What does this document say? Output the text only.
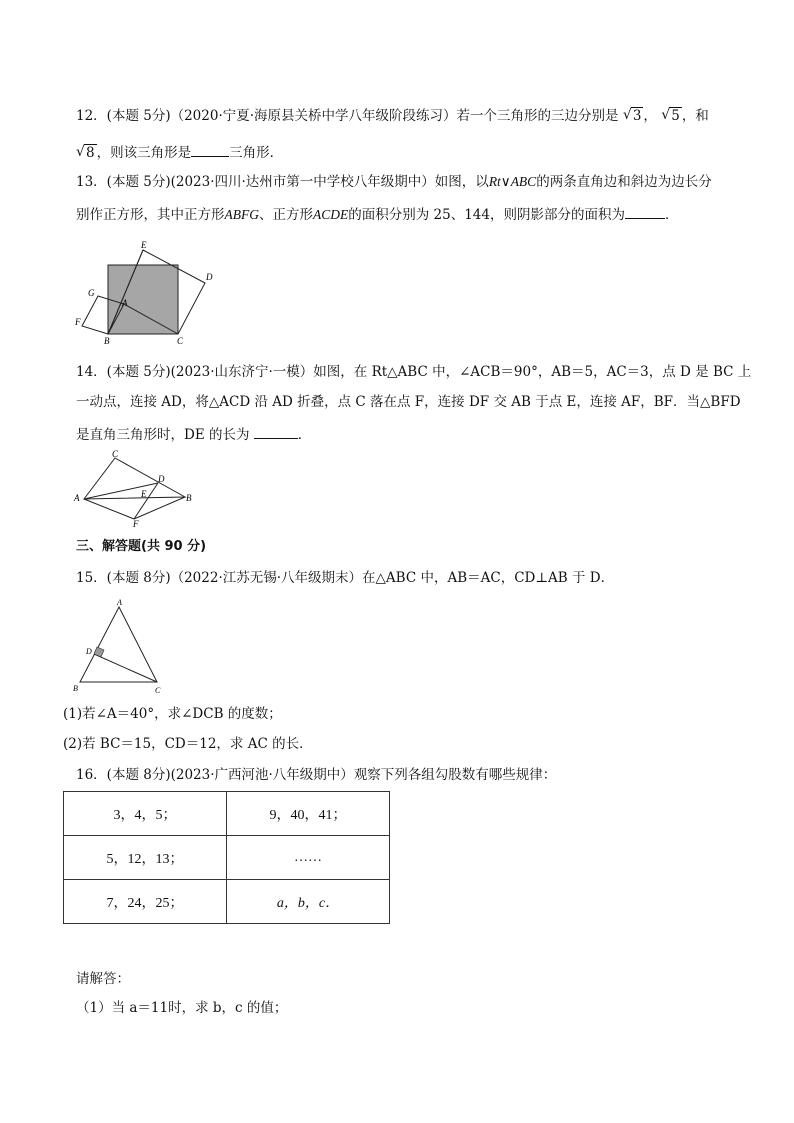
12．(本题 5分)（2020·宁夏·海原县关桥中学八年级阶段练习）若一个三角形的三边分别是 √ 3 ， √ 5 ，和
√ 8 ，则该三角形是	三角形．
13．(本题 5分)(2023·四川·达州市第一中学校八年级期中）如图，以Rt∨ABC的两条直角边和斜边为边长分
别作正方形，其中正方形ABFG、正方形ACDE的面积分别为 25、144，则阴影部分的面积为	．
E
D
G
A
F
B	C
14．(本题 5分)(2023·山东济宁·一模）如图，在 Rt△ABC 中，∠ACB＝90°，AB＝5，AC＝3，点 D 是 BC 上
一动点，连接 AD，将△ACD 沿 AD 折叠，点 C 落在点 F，连接 DF 交 AB 于点 E，连接 AF，BF．当△BFD
是直角三角形时，DE 的长为	．
C
D
A	E	B
F
三、解答题(共 90 分)
15．(本题 8分)（2022·江苏无锡·八年级期末）在△ABC 中，AB＝AC，CD⊥AB 于 D．
A
D
B	C
(1)若∠A＝40°，求∠DCB 的度数；
(2)若 BC＝15，CD＝12，求 AC 的长．
16．(本题 8分)(2023·广西河池·八年级期中）观察下列各组勾股数有哪些规律：
3，4，5；	9，40，41；
5，12，13；	……
7，24，25；	a，b，c．
请解答：
（1）当 a＝11时，求 b，c 的值；
